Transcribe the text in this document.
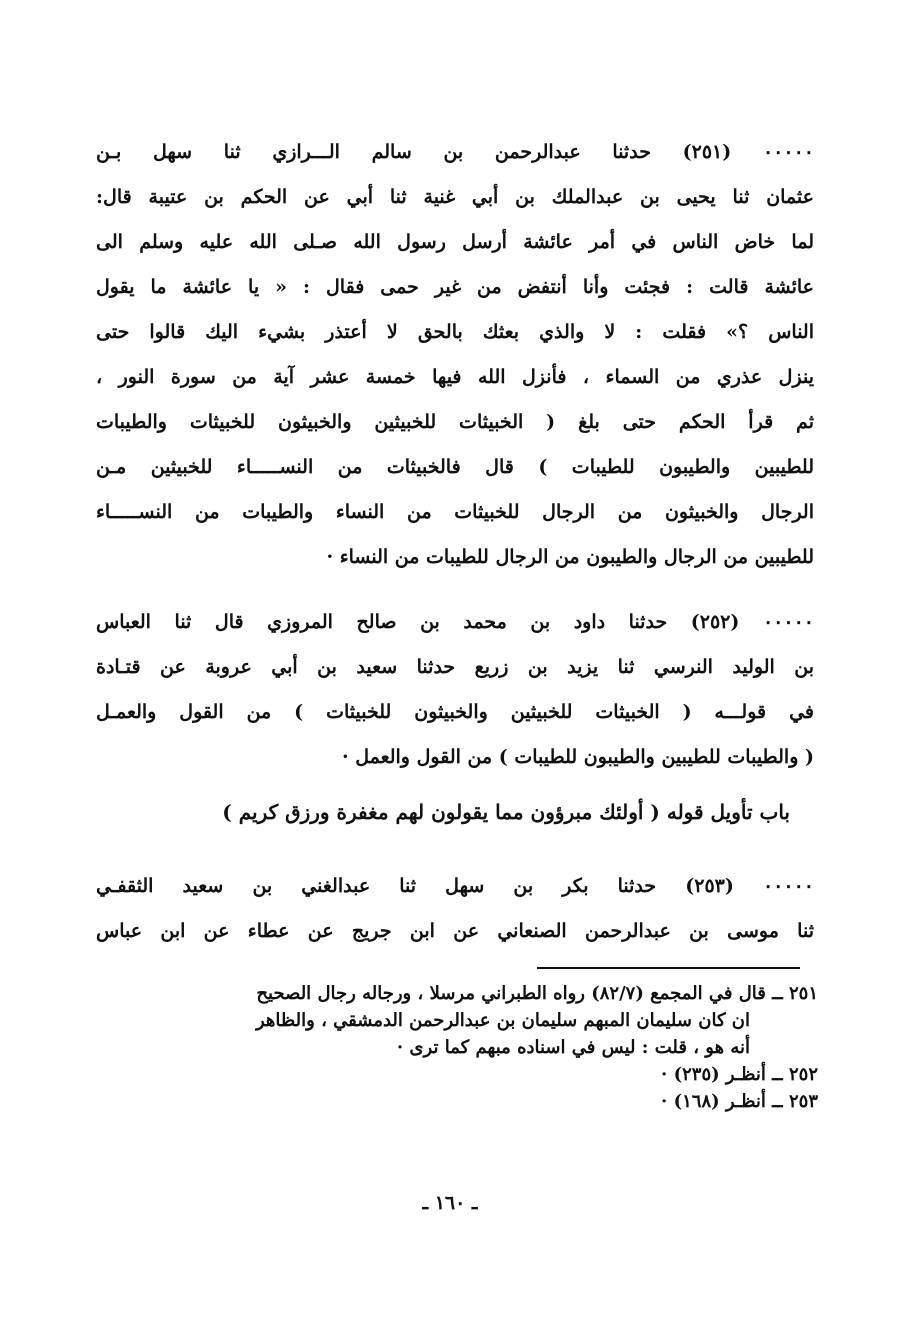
٠٠٠٠٠ (٢٥١) حدثنا عبدالرحمن بن سالم الـــرازي ثنا سهل بـن
عثمان ثنا يحيى بن عبدالملك بن أبي غنية ثنا أبي عن الحكم بن عتيبة قال:
لما خاض الناس في أمر عائشة أرسل رسول الله صـلى الله عليه وسلم الى
عائشة قالت : فجئت وأنا أنتفض من غير حمى فقال : « يا عائشة ما يقول
الناس ؟» فقلت : لا والذي بعثك بالحق لا أعتذر بشيء اليك قالوا حتى
ينزل عذري من السماء ، فأنزل الله فيها خمسة عشر آية من سورة النور ،
ثم قرأ الحكم حتى بلغ ( الخبيثات للخبيثين والخبيثون للخبيثات والطيبات
للطيبين والطيبون للطيبات ) قال فالخبيثات من النســـــاء للخبيثين مـن
الرجال والخبيثون من الرجال للخبيثات من النساء والطيبات من النســـــاء
للطيبين من الرجال والطيبون من الرجال للطيبات من النساء ·
٠٠٠٠٠ (٢٥٢) حدثنا داود بن محمد بن صالح المروزي قال ثنا العباس
بن الوليد النرسي ثنا يزيد بن زريع حدثنا سعيد بن أبي عروبة عن قتـادة
في قولـــه ( الخبيثات للخبيثين والخبيثون للخبيثات ) من القول والعمـل
( والطيبات للطيبين والطيبون للطيبات ) من القول والعمل ·
باب تأويل قوله ( أولئك مبرؤون مما يقولون لهم مغفرة ورزق كريم )
٠٠٠٠٠ (٢٥٣) حدثنا بكر بن سهل ثنا عبدالغني بن سعيد الثقفـي
ثنا موسى بن عبدالرحمن الصنعاني عن ابن جريج عن عطاء عن ابن عباس
٢٥١ ــ قال في المجمع (٨٢/٧) رواه الطبراني مرسلا ، ورجاله رجال الصحيح
ان كان سليمان المبهم سليمان بن عبدالرحمن الدمشقي ، والظاهر
أنه هو ، قلت : ليس في اسناده مبهم كما ترى ·
٢٥٢ ــ أنظـر (٢٣٥) ·
٢٥٣ ــ أنظـر (١٦٨) ·
ـ ١٦٠ ـ
